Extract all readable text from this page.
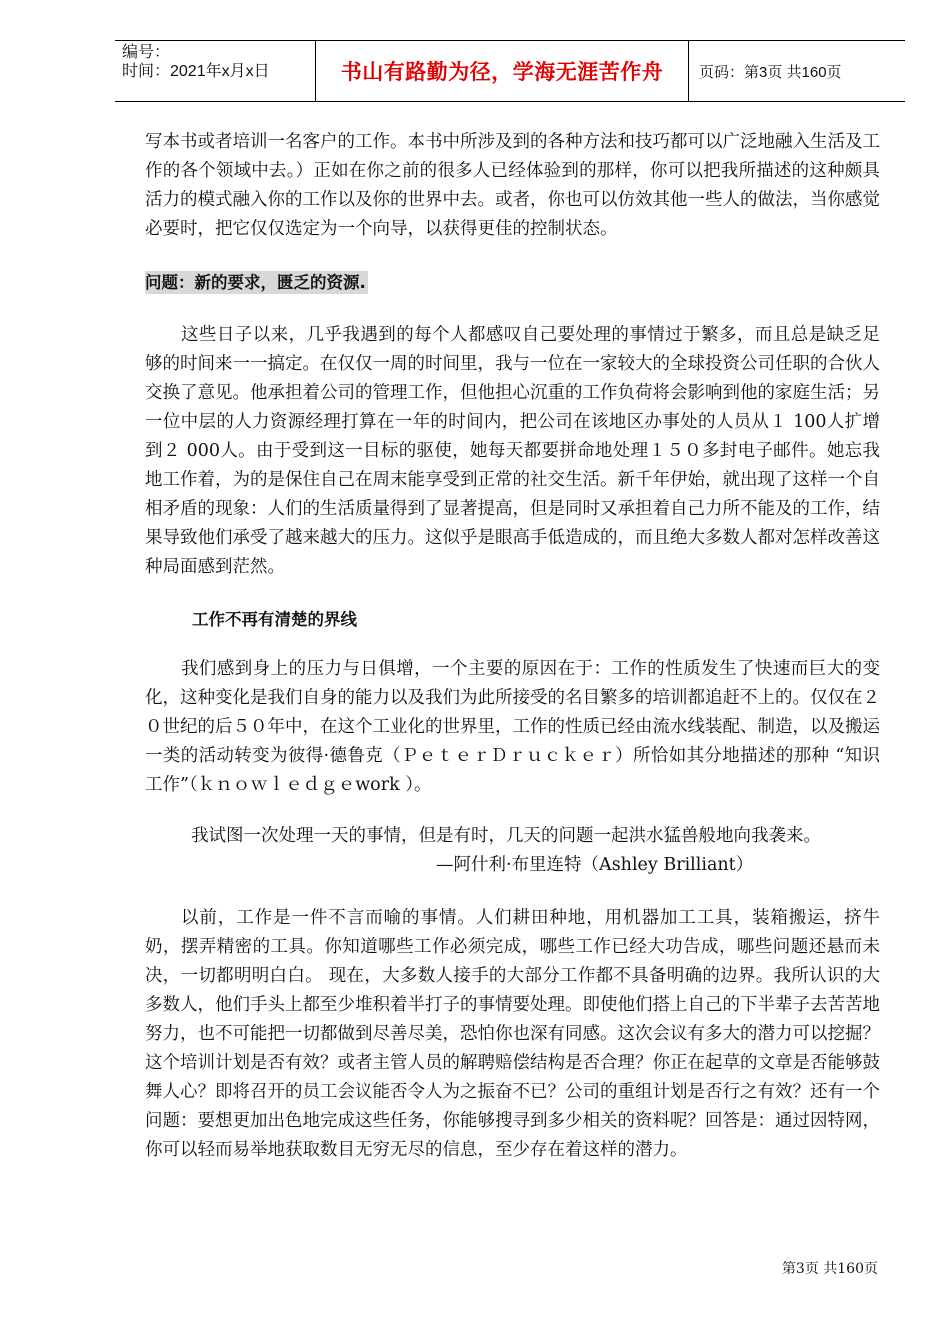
编号：
时间：2021年x月x日	书山有路勤为径，学海无涯苦作舟	页码：第3页 共160页

写本书或者培训一名客户的工作。本书中所涉及到的各种方法和技巧都可以广泛地融入生活及工作的各个领域中去。）正如在你之前的很多人已经体验到的那样，你可以把我所描述的这种颇具活力的模式融入你的工作以及你的世界中去。或者，你也可以仿效其他一些人的做法，当你感觉必要时，把它仅仅选定为一个向导，以获得更佳的控制状态。

问题：新的要求，匮乏的资源.

这些日子以来，几乎我遇到的每个人都感叹自己要处理的事情过于繁多，而且总是缺乏足够的时间来一一搞定。在仅仅一周的时间里，我与一位在一家较大的全球投资公司任职的合伙人交换了意见。他承担着公司的管理工作，但他担心沉重的工作负荷将会影响到他的家庭生活；另一位中层的人力资源经理打算在一年的时间内，把公司在该地区办事处的人员从１ 100人扩增到２ 000人。由于受到这一目标的驱使，她每天都要拼命地处理１５０多封电子邮件。她忘我地工作着，为的是保住自己在周末能享受到正常的社交生活。新千年伊始，就出现了这样一个自相矛盾的现象：人们的生活质量得到了显著提高，但是同时又承担着自己力所不能及的工作，结果导致他们承受了越来越大的压力。这似乎是眼高手低造成的，而且绝大多数人都对怎样改善这种局面感到茫然。

工作不再有清楚的界线

我们感到身上的压力与日俱增，一个主要的原因在于：工作的性质发生了快速而巨大的变化，这种变化是我们自身的能力以及我们为此所接受的名目繁多的培训都追赶不上的。仅仅在２０世纪的后５０年中，在这个工业化的世界里，工作的性质已经由流水线装配、制造，以及搬运一类的活动转变为彼得·德鲁克（ＰｅｔｅｒＤｒｕｃｋｅｒ）所恰如其分地描述的那种 “知识工作”（ｋｎｏｗｌｅｄｇｅwork ）。

我试图一次处理一天的事情，但是有时，几天的问题一起洪水猛兽般地向我袭来。
—阿什利·布里连特（Ashley Brilliant）

以前，工作是一件不言而喻的事情。人们耕田种地，用机器加工工具，装箱搬运，挤牛奶，摆弄精密的工具。你知道哪些工作必须完成，哪些工作已经大功告成，哪些问题还悬而未决，一切都明明白白。 现在，大多数人接手的大部分工作都不具备明确的边界。我所认识的大多数人，他们手头上都至少堆积着半打子的事情要处理。即使他们搭上自己的下半辈子去苦苦地努力，也不可能把一切都做到尽善尽美，恐怕你也深有同感。这次会议有多大的潜力可以挖掘？这个培训计划是否有效？或者主管人员的解聘赔偿结构是否合理？你正在起草的文章是否能够鼓舞人心？即将召开的员工会议能否令人为之振奋不已？公司的重组计划是否行之有效？还有一个问题：要想更加出色地完成这些任务，你能够搜寻到多少相关的资料呢？回答是：通过因特网，你可以轻而易举地获取数目无穷无尽的信息，至少存在着这样的潜力。

第3页 共160页
